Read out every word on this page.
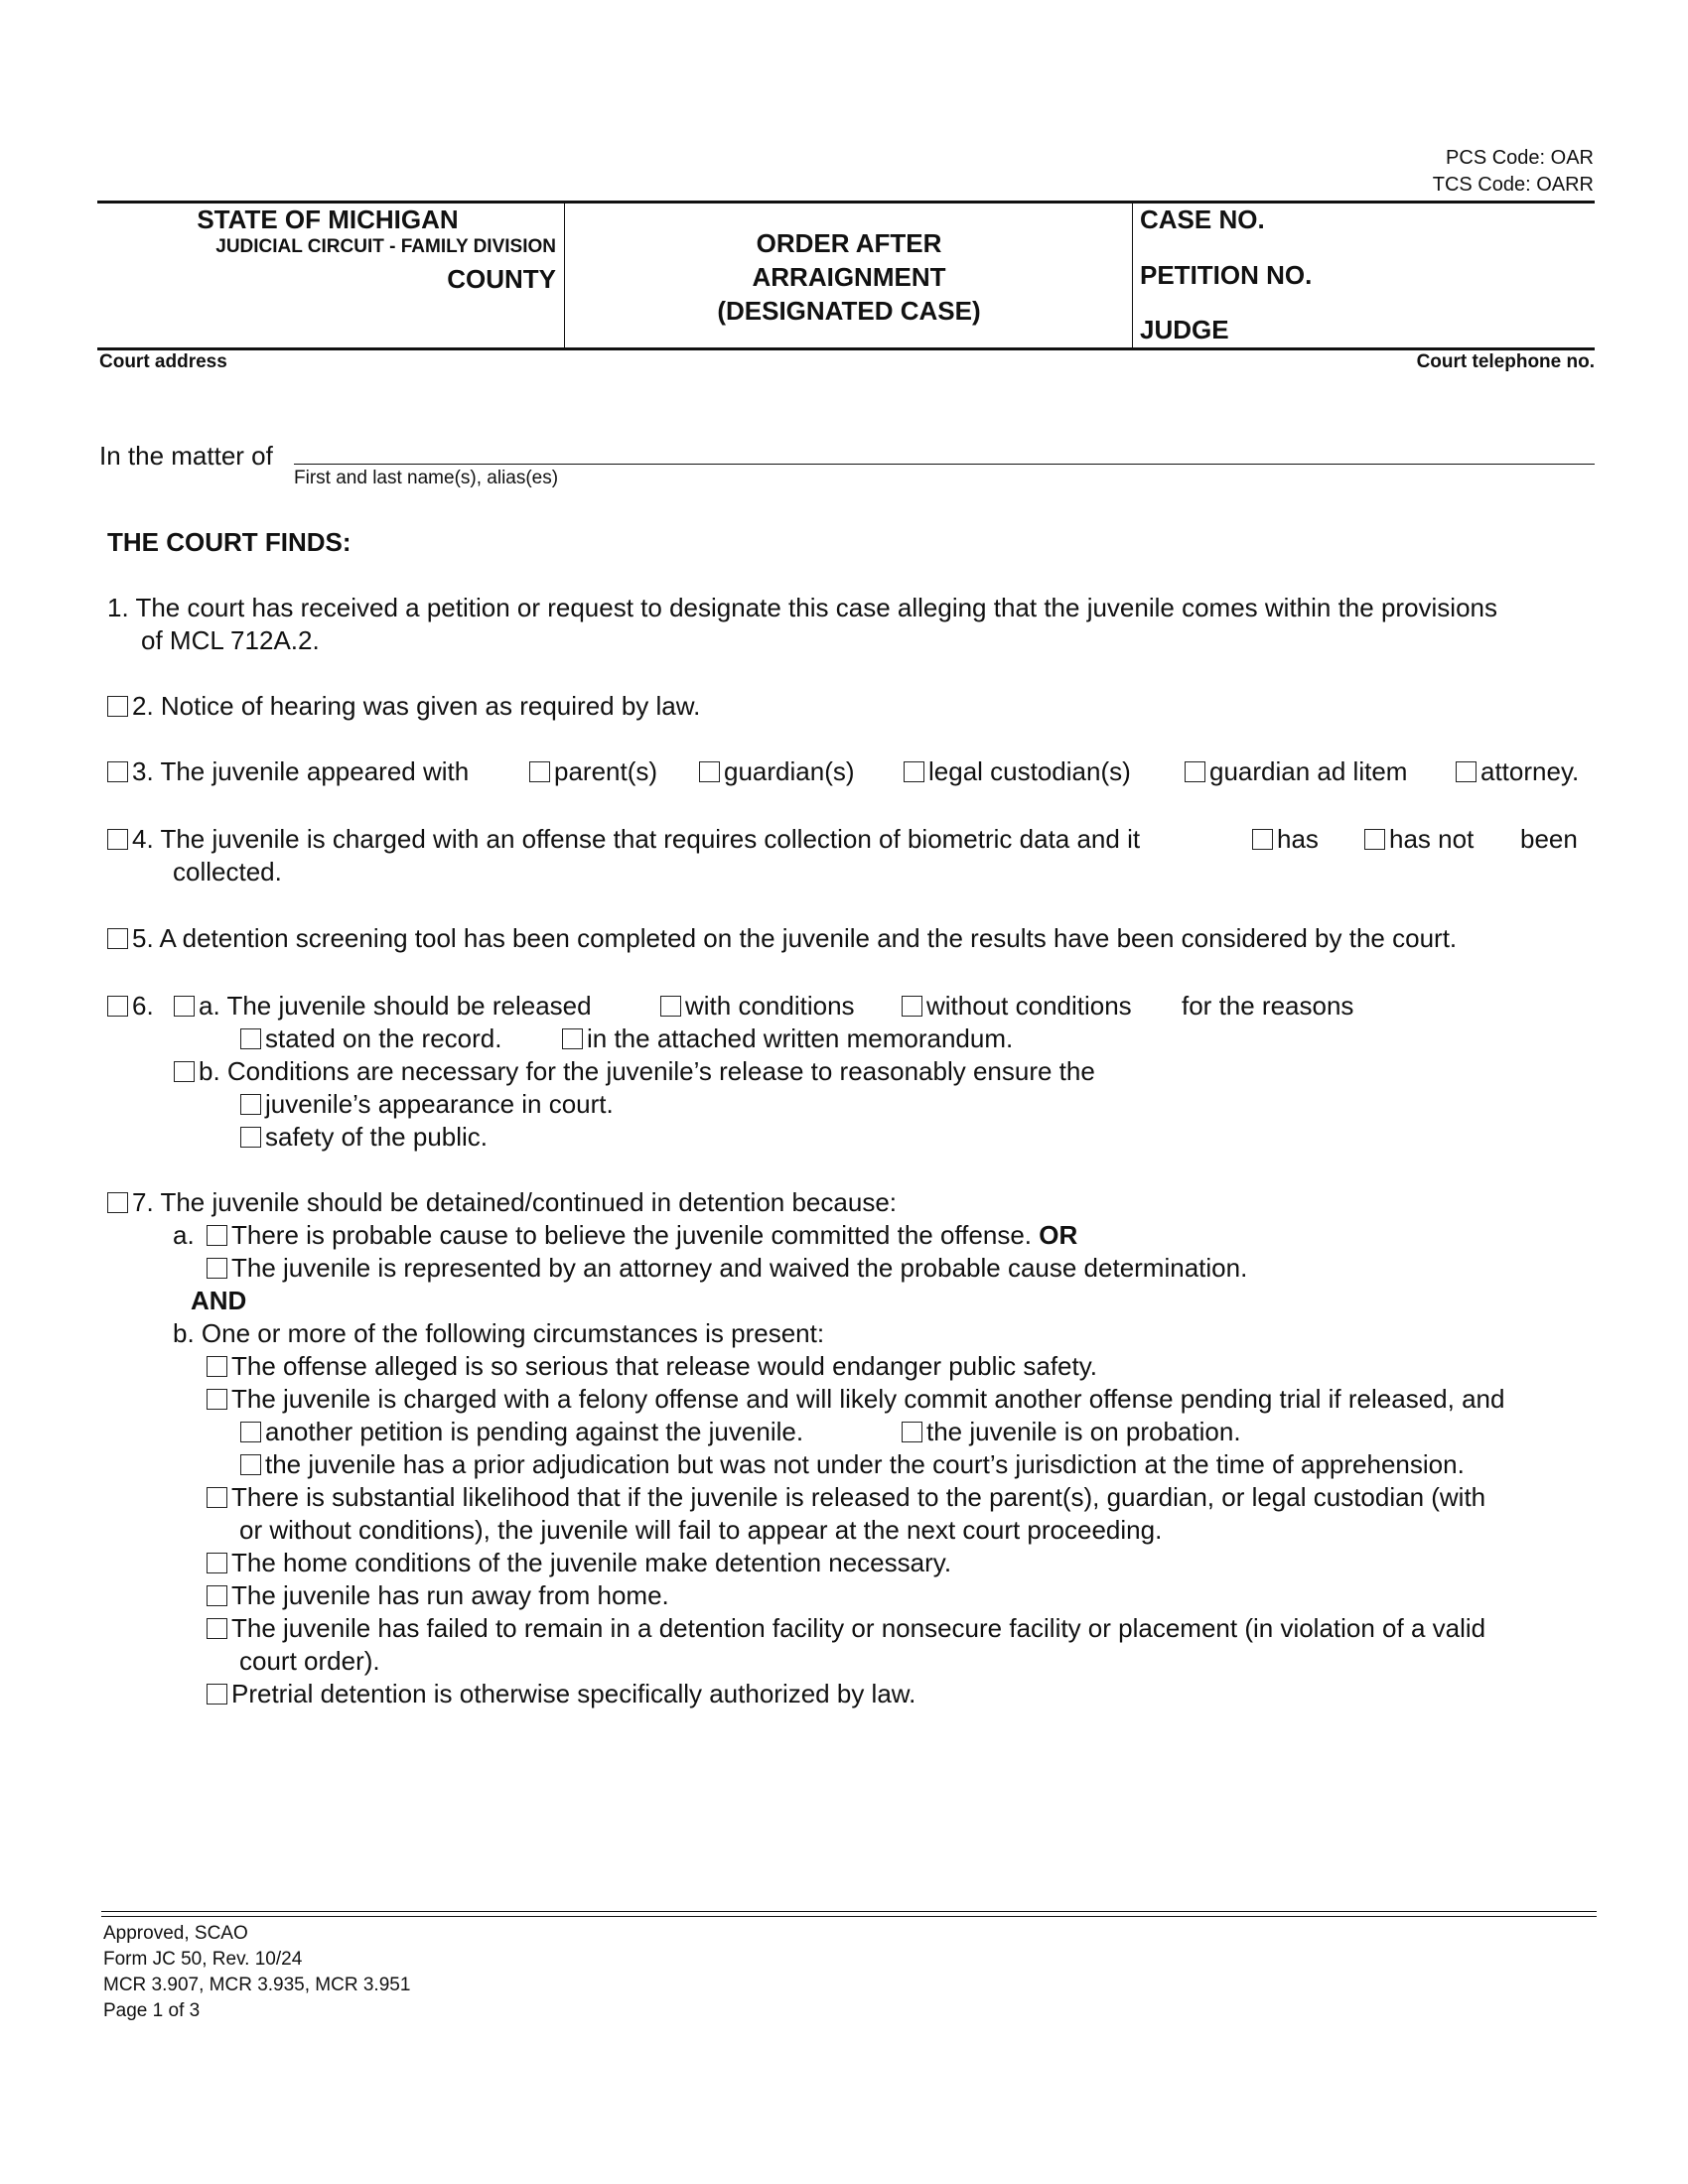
PCS Code: OAR
TCS Code: OARR
STATE OF MICHIGAN
JUDICIAL CIRCUIT - FAMILY DIVISION
COUNTY
ORDER AFTER
ARRAIGNMENT
(DESIGNATED CASE)
CASE NO.
PETITION NO.
JUDGE
Court address	Court telephone no.
In the matter of
First and last name(s), alias(es)
THE COURT FINDS:
1. The court has received a petition or request to designate this case alleging that the juvenile comes within the provisions
of MCL 712A.2.
2. Notice of hearing was given as required by law.
3. The juvenile appeared with	parent(s)	guardian(s)	legal custodian(s)	guardian ad litem	attorney.
4. The juvenile is charged with an offense that requires collection of biometric data and it	has	has not been
collected.
5. A detention screening tool has been completed on the juvenile and the results have been considered by the court.
6.	a. The juvenile should be released	with conditions	without conditions for the reasons
stated on the record.	in the attached written memorandum.
b. Conditions are necessary for the juvenile’s release to reasonably ensure the
juvenile’s appearance in court.
safety of the public.
7. The juvenile should be detained/continued in detention because:
a.	There is probable cause to believe the juvenile committed the offense. OR
The juvenile is represented by an attorney and waived the probable cause determination.
AND
b. One or more of the following circumstances is present:
The offense alleged is so serious that release would endanger public safety.
The juvenile is charged with a felony offense and will likely commit another offense pending trial if released, and
another petition is pending against the juvenile.	the juvenile is on probation.
the juvenile has a prior adjudication but was not under the court’s jurisdiction at the time of apprehension.
There is substantial likelihood that if the juvenile is released to the parent(s), guardian, or legal custodian (with
or without conditions), the juvenile will fail to appear at the next court proceeding.
The home conditions of the juvenile make detention necessary.
The juvenile has run away from home.
The juvenile has failed to remain in a detention facility or nonsecure facility or placement (in violation of a valid
court order).
Pretrial detention is otherwise specifically authorized by law.
Approved, SCAO
Form JC 50, Rev. 10/24
MCR 3.907, MCR 3.935, MCR 3.951
Page 1 of 3
